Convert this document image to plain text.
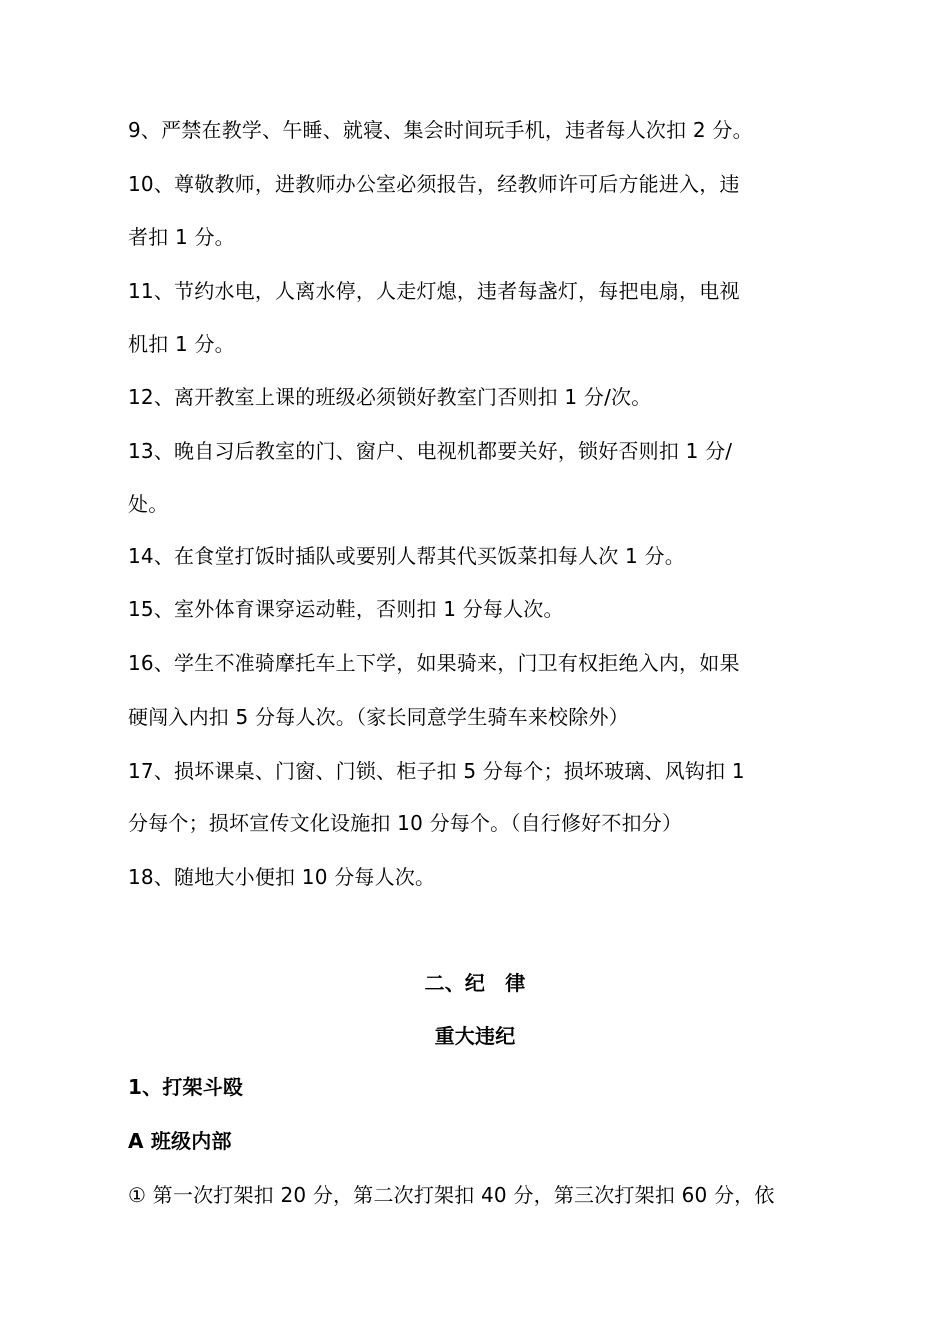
9、严禁在教学、午睡、就寝、集会时间玩手机，违者每人次扣 2 分。
10、尊敬教师，进教师办公室必须报告，经教师许可后方能进入，违
者扣 1 分。
11、节约水电，人离水停，人走灯熄，违者每盏灯，每把电扇，电视
机扣 1 分。
12、离开教室上课的班级必须锁好教室门否则扣 1 分/次。
13、晚自习后教室的门、窗户、电视机都要关好，锁好否则扣 1 分/
处。
14、在食堂打饭时插队或要别人帮其代买饭菜扣每人次 1 分。
15、室外体育课穿运动鞋，否则扣 1 分每人次。
16、学生不准骑摩托车上下学，如果骑来，门卫有权拒绝入内，如果
硬闯入内扣 5 分每人次。（家长同意学生骑车来校除外）
17、损坏课桌、门窗、门锁、柜子扣 5 分每个；损坏玻璃、风钩扣 1
分每个；损坏宣传文化设施扣 10 分每个。（自行修好不扣分）
18、随地大小便扣 10 分每人次。
二、纪　律
重大违纪
1、打架斗殴
A 班级内部
① 第一次打架扣 20 分，第二次打架扣 40 分，第三次打架扣 60 分，依
